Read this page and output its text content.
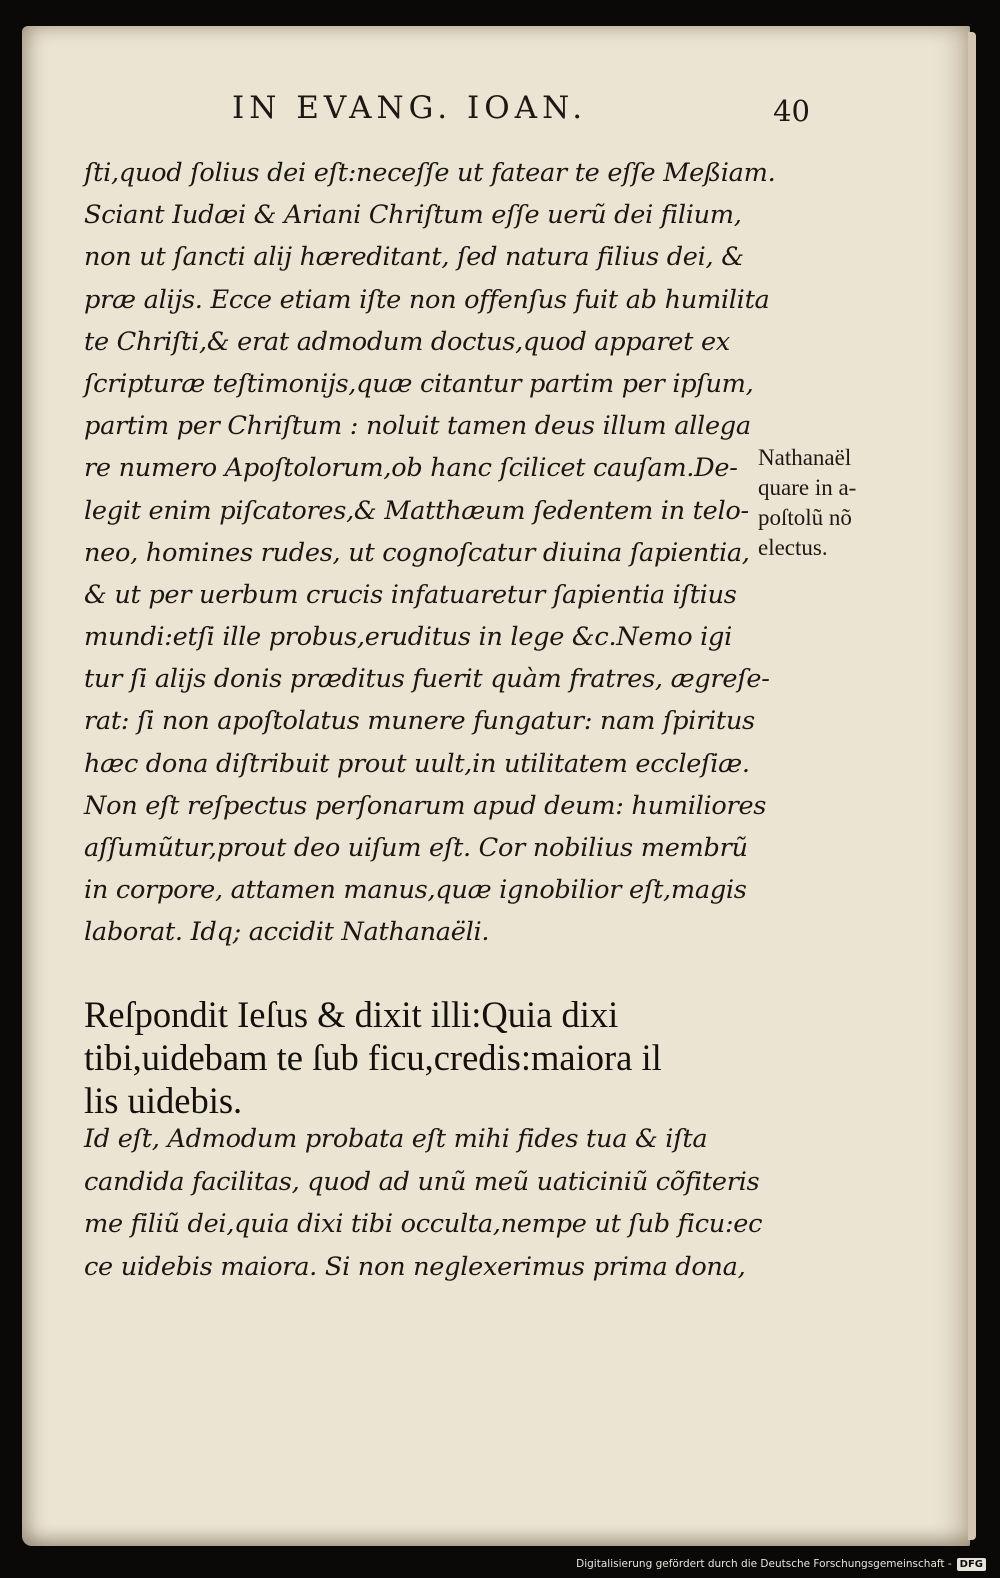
IN EVANG. IOAN.	40
ſti,quod ſolius dei eſt:neceſſe ut fatear te eſſe Meßiam.
Sciant Iudæi & Ariani Chriſtum eſſe uerũ dei filium,
non ut ſancti alij hæreditant, ſed natura filius dei, &
præ alijs. Ecce etiam iſte non offenſus fuit ab humilita
te Chriſti,& erat admodum doctus,quod apparet ex
ſcripturæ teſtimonijs,quæ citantur partim per ipſum,
partim per Chriſtum : noluit tamen deus illum allega
re numero Apoſtolorum,ob hanc ſcilicet cauſam.De-
legit enim piſcatores,& Matthæum ſedentem in telo-
neo, homines rudes, ut cognoſcatur diuina ſapientia,
& ut per uerbum crucis infatuaretur ſapientia iſtius
mundi:etſi ille probus,eruditus in lege &c.Nemo igi
tur ſi alijs donis præditus fuerit quàm fratres, ægreſe-
rat: ſi non apoſtolatus munere fungatur: nam ſpiritus
hæc dona diſtribuit prout uult,in utilitatem eccleſiæ.
Non eſt reſpectus perſonarum apud deum: humiliores
aſſumũtur,prout deo uiſum eſt. Cor nobilius membrũ
in corpore, attamen manus,quæ ignobilior eſt,magis
laborat. Idq; accidit Nathanaëli.
Reſpondit Ieſus & dixit illi:Quia dixi
tibi,uidebam te ſub ficu,credis:maiora il
lis uidebis.
Id eſt, Admodum probata eſt mihi fides tua & iſta
candida facilitas, quod ad unũ meũ uaticiniũ cõfiteris
me filiũ dei,quia dixi tibi occulta,nempe ut ſub ficu:ec
ce uidebis maiora. Si non neglexerimus prima dona,
Nathanaël
quare in a-
poſtolũ nõ
electus.
Digitalisierung gefördert durch die Deutsche Forschungsgemeinschaft - DFG
